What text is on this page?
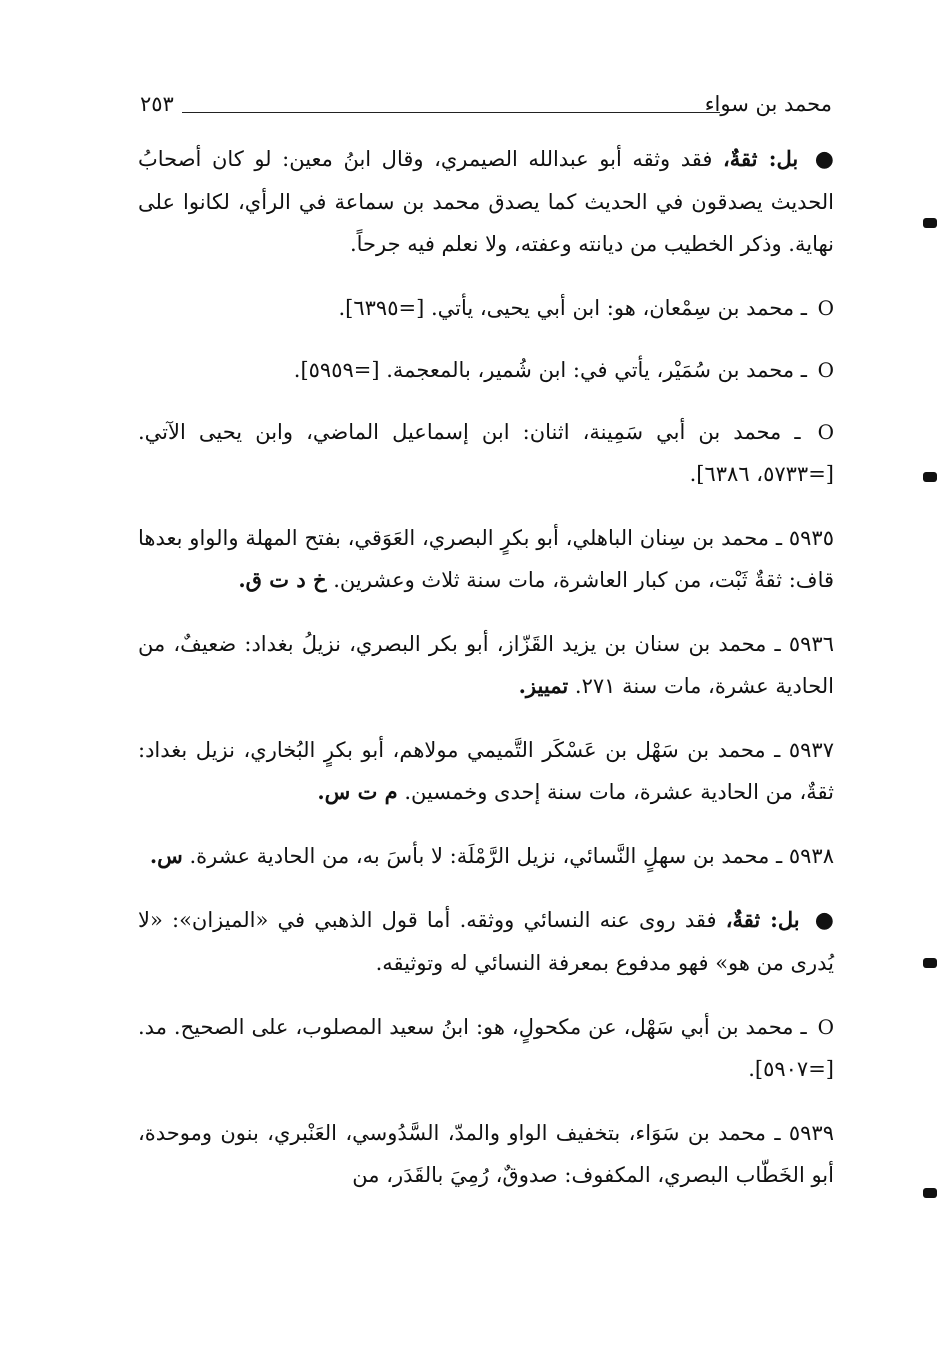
٢٥٣	محمد بن سواء

● بل: ثقةٌ، فقد وثقه أبو عبدالله الصيمري، وقال ابنُ معين: لو كان أصحابُ الحديث يصدقون في الحديث كما يصدق محمد بن سماعة في الرأي، لكانوا على نهاية. وذكر الخطيب من ديانته وعفته، ولا نعلم فيه جرحاً.

O ـ محمد بن سِمْعان، هو: ابن أبي يحيى، يأتي. [=٦٣٩٥].

O ـ محمد بن سُمَيْر، يأتي في: ابن شُمير، بالمعجمة. [=٥٩٥٩].

O ـ محمد بن أبي سَمِينة، اثنان: ابن إسماعيل الماضي، وابن يحيى الآتي. [=٥٧٣٣، ٦٣٨٦].

٥٩٣٥ ـ محمد بن سِنان الباهلي، أبو بكرٍ البصري، العَوَقي، بفتح المهلة والواو بعدها قاف: ثقةٌ ثَبْت، من كبار العاشرة، مات سنة ثلاث وعشرين. خ د ت ق.

٥٩٣٦ ـ محمد بن سنان بن يزيد القَزّاز، أبو بكر البصري، نزيلُ بغداد: ضعيفٌ، من الحادية عشرة، مات سنة ٢٧١. تمييز.

٥٩٣٧ ـ محمد بن سَهْل بن عَسْكَر التَّميمي مولاهم، أبو بكرٍ البُخاري، نزيل بغداد: ثقةٌ، من الحادية عشرة، مات سنة إحدى وخمسين. م ت س.

٥٩٣٨ ـ محمد بن سهلٍ النَّسائي، نزيل الرَّمْلَة: لا بأسَ به، من الحادية عشرة. س.

● بل: ثقةٌ، فقد روى عنه النسائي ووثقه. أما قول الذهبي في «الميزان»: «لا يُدرى من هو» فهو مدفوع بمعرفة النسائي له وتوثيقه.

O ـ محمد بن أبي سَهْل، عن مكحولٍ، هو: ابنُ سعيد المصلوب، على الصحيح. مد. [=٥٩٠٧].

٥٩٣٩ ـ محمد بن سَوَاء، بتخفيف الواو والمدّ، السَّدُوسي، العَنْبري، بنون وموحدة، أبو الخَطّاب البصري، المكفوف: صدوقٌ، رُمِيَ بالقَدَر، من
